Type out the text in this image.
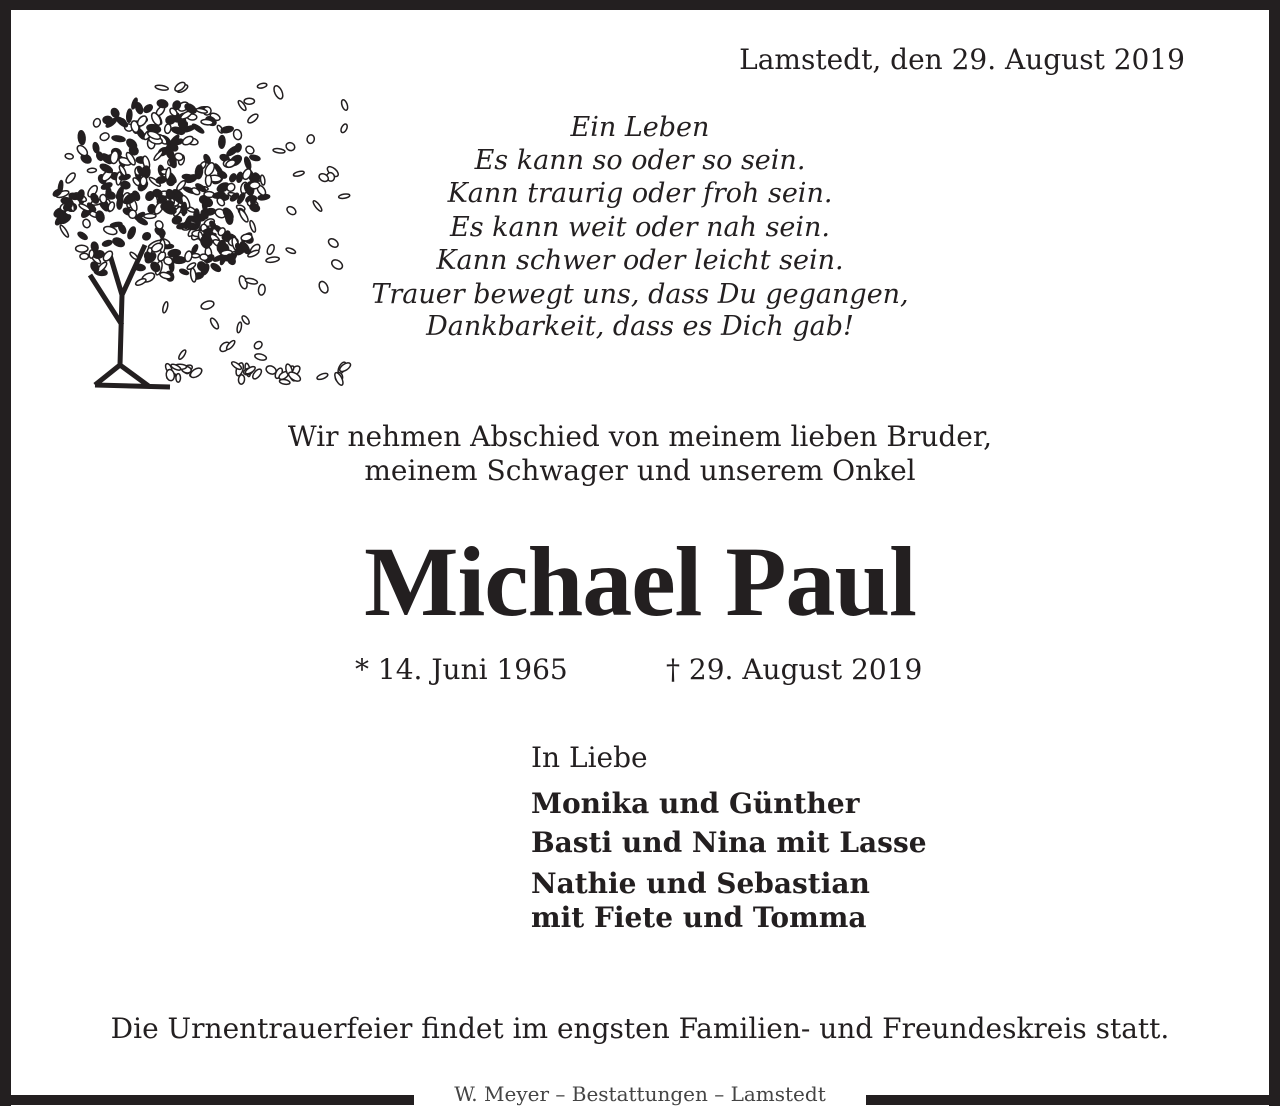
Lamstedt, den 29. August 2019
Ein Leben
Es kann so oder so sein.
Kann traurig oder froh sein.
Es kann weit oder nah sein.
Kann schwer oder leicht sein.
Trauer bewegt uns, dass Du gegangen,
Dankbarkeit, dass es Dich gab!
Wir nehmen Abschied von meinem lieben Bruder,
meinem Schwager und unserem Onkel
Michael Paul
* 14. Juni 1965	† 29. August 2019
In Liebe
Monika und Günther
Basti und Nina mit Lasse
Nathie und Sebastian
mit Fiete und Tomma
Die Urnentrauerfeier findet im engsten Familien- und Freundeskreis statt.
W. Meyer – Bestattungen – Lamstedt
